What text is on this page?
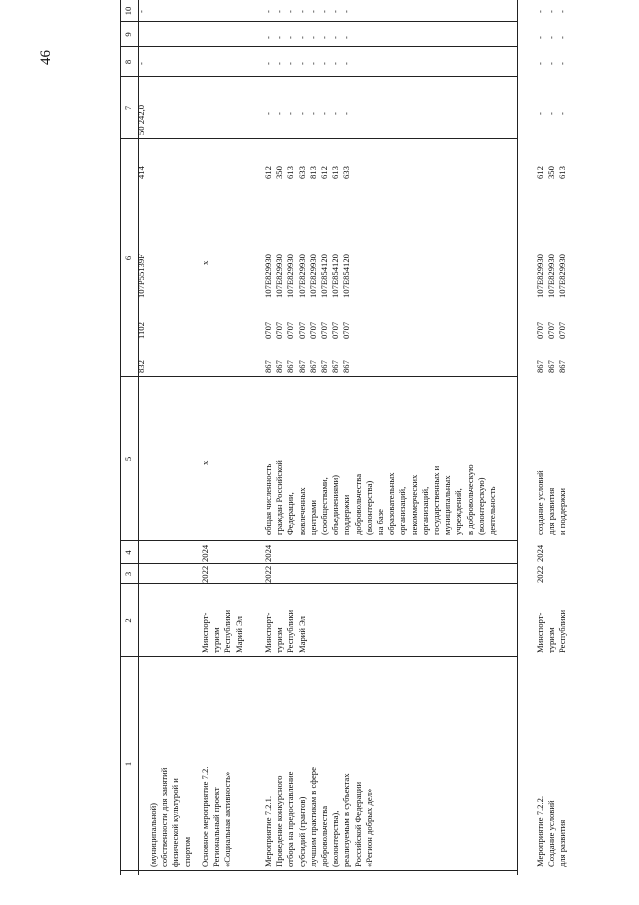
46
1
2
3
4
5
6
7
8
9
10
(муниципальной) собственности для занятий физической культурой и спортом Основное мероприятие 7.2. Региональный проект «Социальная активность»
Минспорт- туризм Республики Марий Эл
2022
2024
х
832
1102
107P55139F
414
х
50 242,0
-
-
Мероприятие 7.2.1. Проведение конкурсного отбора на предоставление субсидий (грантов) лучшим практикам в сфере добровольчества (волонтерства), реализуемым в субъектах Российской Федерации «Регион добрых дел»
Минспорт- туризм Республики Марий Эл
2022
2024
общая численность граждан Российской Федерации, вовлеченных центрами (сообществами, объединениями) поддержки добровольчества (волонтерства) на базе образовательных организаций, некоммерческих организаций, государственных и муниципальных учреждений, в добровольческую (волонтерскую) деятельность
867 867 867 867 867 867 867 867
0707 0707 0707 0707 0707 0707 0707 0707
107E829930 107E829930 107E829930 107E829930 107E829930 107E854120 107E854120 107E854120
612 350 613 633 813 612 613 633
- - - - - - - -
- - - - - - - -
- - - - - - - -
- - - - - - - -
Мероприятие 7.2.2. Создание условий для развития
Минспорт- туризм Республики
2022
2024
создание условий для развития и поддержки
867 867 867
0707 0707 0707
107E829930 107E829930 107E829930
612 350 613
- - -
- - -
- - -
- - -
